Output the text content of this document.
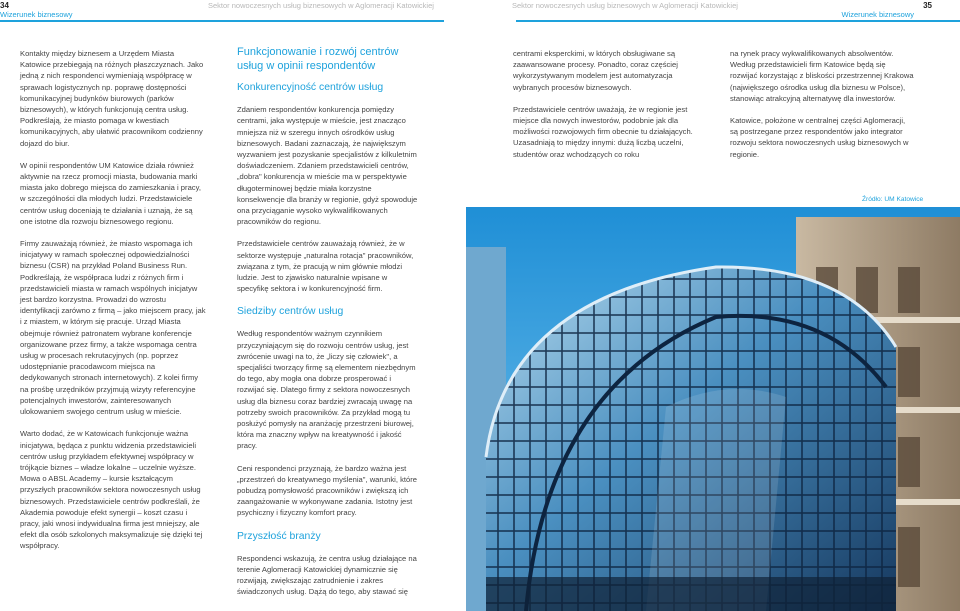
34	Sektor nowoczesnych usług biznesowych w Aglomeracji Katowickiej
Wizerunek biznesowy
Sektor nowoczesnych usług biznesowych w Aglomeracji Katowickiej	35
Wizerunek biznesowy

Kontakty między biznesem a Urzędem Miasta Katowice przebiegają na różnych płaszczyznach. Jako jedną z nich respondenci wymieniają współpracę w sprawach logistycznych np. poprawę dostępności komunikacyjnej budynków biurowych (parków biznesowych), w których funkcjonują centra usług. Podkreślają, że miasto pomaga w kwestiach komunikacyjnych, aby ułatwić pracownikom codzienny dojazd do biur.

W opinii respondentów UM Katowice działa również aktywnie na rzecz promocji miasta, budowania marki miasta jako dobrego miejsca do zamieszkania i pracy, w szczególności dla młodych ludzi. Przedstawiciele centrów usług doceniają te działania i uznają, że są one istotne dla rozwoju biznesowego regionu.

Firmy zauważają również, że miasto wspomaga ich inicjatywy w ramach społecznej odpowiedzialności biznesu (CSR) na przykład Poland Business Run. Podkreślają, że współpraca ludzi z różnych firm i przedstawicieli miasta w ramach wspólnych inicjatyw jest bardzo korzystna. Prowadzi do wzrostu identyfikacji zarówno z firmą – jako miejscem pracy, jak i z miastem, w którym się pracuje. Urząd Miasta obejmuje również patronatem wybrane konferencje organizowane przez firmy, a także wspomaga centra usług w procesach rekrutacyjnych (np. poprzez udostępnianie pracodawcom miejsca na dedykowanych stronach internetowych). Z kolei firmy na prośbę urzędników przyjmują wizyty referencyjne potencjalnych inwestorów, zainteresowanych ulokowaniem swojego centrum usług w mieście.

Warto dodać, że w Katowicach funkcjonuje ważna inicjatywa, będąca z punktu widzenia przedstawicieli centrów usług przykładem efektywnej współpracy w trójkącie biznes – władze lokalne – uczelnie wyższe. Mowa o ABSL Academy – kursie kształcącym przyszłych pracowników sektora nowoczesnych usług biznesowych. Przedstawiciele centrów podkreślali, że Akademia powoduje efekt synergii – koszt czasu i pracy, jaki wnosi indywidualna firma jest mniejszy, ale efekt dla osób szkolonych maksymalizuje się dzięki tej współpracy.

Funkcjonowanie i rozwój centrów usług w opinii respondentów
Konkurencyjność centrów usług

Zdaniem respondentów konkurencja pomiędzy centrami, jaka występuje w mieście, jest znacząco mniejsza niż w szeregu innych ośrodków usług biznesowych. Badani zaznaczają, że największym wyzwaniem jest pozyskanie specjalistów z kilkuletnim doświadczeniem. Zdaniem przedstawicieli centrów, „dobra" konkurencja w mieście ma w perspektywie długoterminowej będzie miała korzystne konsekwencje dla branży w regionie, gdyż spowoduje ona przyciąganie wysoko wykwalifikowanych pracowników do regionu.

Przedstawiciele centrów zauważają również, że w sektorze występuje „naturalna rotacja" pracowników, związana z tym, że pracują w nim głównie młodzi ludzie. Jest to zjawisko naturalnie wpisane w specyfikę sektora i w konkurencyjność firm.

Siedziby centrów usług

Według respondentów ważnym czynnikiem przyczyniającym się do rozwoju centrów usług, jest zwrócenie uwagi na to, że „liczy się człowiek", a specjaliści tworzący firmę są elementem niezbędnym do tego, aby mogła ona dobrze prosperować i rozwijać się. Dlatego firmy z sektora nowoczesnych usług dla biznesu coraz bardziej zwracają uwagę na potrzeby swoich pracowników. Za przykład mogą tu posłużyć pomysły na aranżację przestrzeni biurowej, która ma znaczny wpływ na kreatywność i jakość pracy.

Ceni respondenci przyznają, że bardzo ważna jest „przestrzeń do kreatywnego myślenia", warunki, które pobudzą pomysłowość pracowników i zwiększą ich zaangażowanie w wykonywane zadania. Istotny jest psychiczny i fizyczny komfort pracy.

Przyszłość branży

Respondenci wskazują, że centra usług działające na terenie Aglomeracji Katowickiej dynamicznie się rozwijają, zwiększając zatrudnienie i zakres świadczonych usług. Dążą do tego, aby stawać się

centrami eksperckimi, w których obsługiwane są zaawansowane procesy. Ponadto, coraz częściej wykorzystywanym modelem jest automatyzacja wybranych procesów biznesowych.

Przedstawiciele centrów uważają, że w regionie jest miejsce dla nowych inwestorów, podobnie jak dla możliwości rozwojowych firm obecnie tu działających. Uzasadniają to między innymi: dużą liczbą uczelni, studentów oraz wchodzących co roku

na rynek pracy wykwalifikowanych absolwentów. Według przedstawicieli firm Katowice będą się rozwijać korzystając z bliskości przestrzennej Krakowa (największego ośrodka usług dla biznesu w Polsce), stanowiąc atrakcyjną alternatywę dla inwestorów.

Katowice, położone w centralnej części Aglomeracji, są postrzegane przez respondentów jako integrator rozwoju sektora nowoczesnych usług biznesowych w regionie.

Źródło: UM Katowice
